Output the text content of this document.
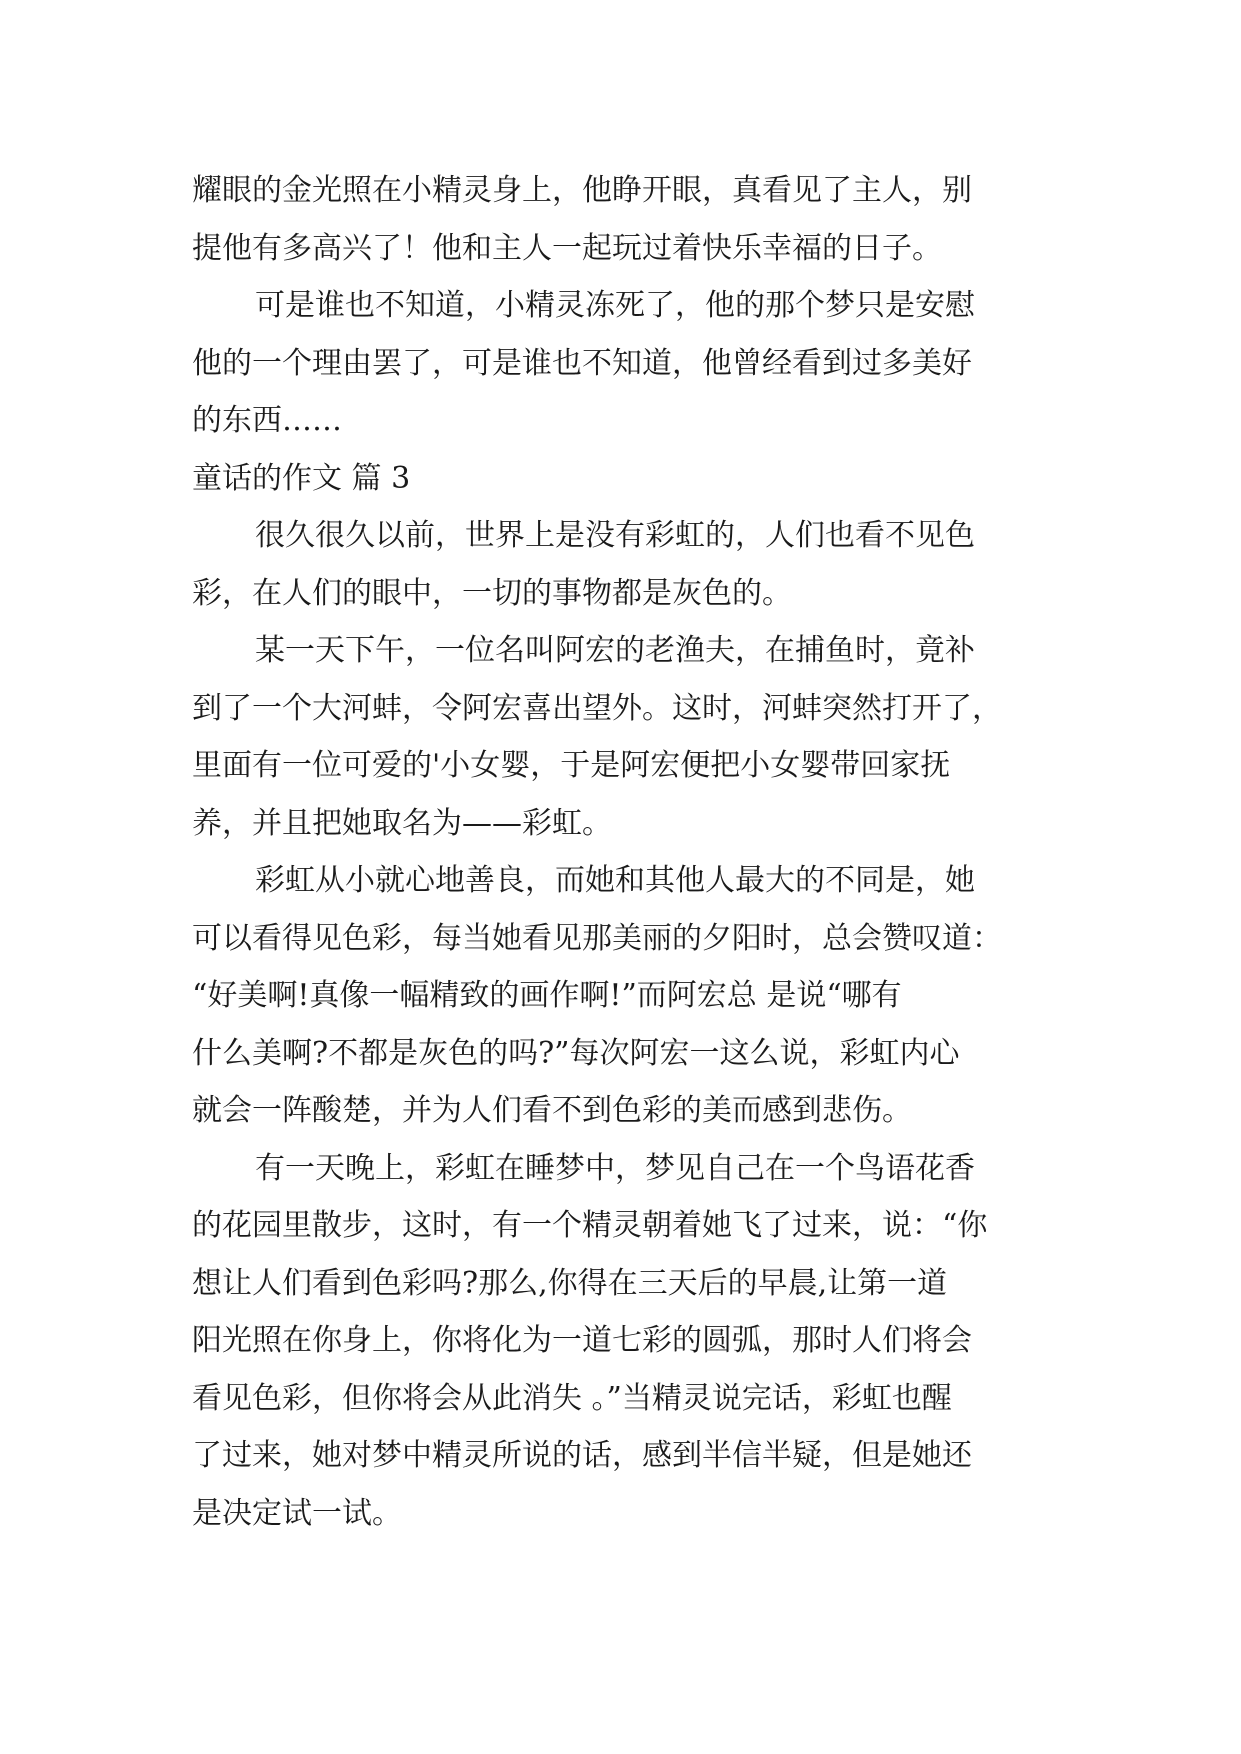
耀眼的金光照在小精灵身上，他睁开眼，真看见了主人，别

提他有多高兴了！他和主人一起玩过着快乐幸福的日子。

可是谁也不知道，小精灵冻死了，他的那个梦只是安慰

他的一个理由罢了，可是谁也不知道，他曾经看到过多美好

的东西……

童话的作文 篇 3

很久很久以前，世界上是没有彩虹的，人们也看不见色

彩，在人们的眼中，一切的事物都是灰色的。

某一天下午，一位名叫阿宏的老渔夫，在捕鱼时，竟补

到了一个大河蚌，令阿宏喜出望外。这时，河蚌突然打开了，

里面有一位可爱的'小女婴，于是阿宏便把小女婴带回家抚

养，并且把她取名为——彩虹。

彩虹从小就心地善良，而她和其他人最大的不同是，她

可以看得见色彩，每当她看见那美丽的夕阳时，总会赞叹道：

“好美啊!真像一幅精致的画作啊!”而阿宏总 是说“哪有

什么美啊?不都是灰色的吗?”每次阿宏一这么说，彩虹内心

就会一阵酸楚，并为人们看不到色彩的美而感到悲伤。

有一天晚上，彩虹在睡梦中，梦见自己在一个鸟语花香

的花园里散步，这时，有一个精灵朝着她飞了过来，说：“你

想让人们看到色彩吗?那么,你得在三天后的早晨,让第一道

阳光照在你身上，你将化为一道七彩的圆弧，那时人们将会

看见色彩，但你将会从此消失 。”当精灵说完话，彩虹也醒

了过来，她对梦中精灵所说的话，感到半信半疑，但是她还

是决定试一试。
